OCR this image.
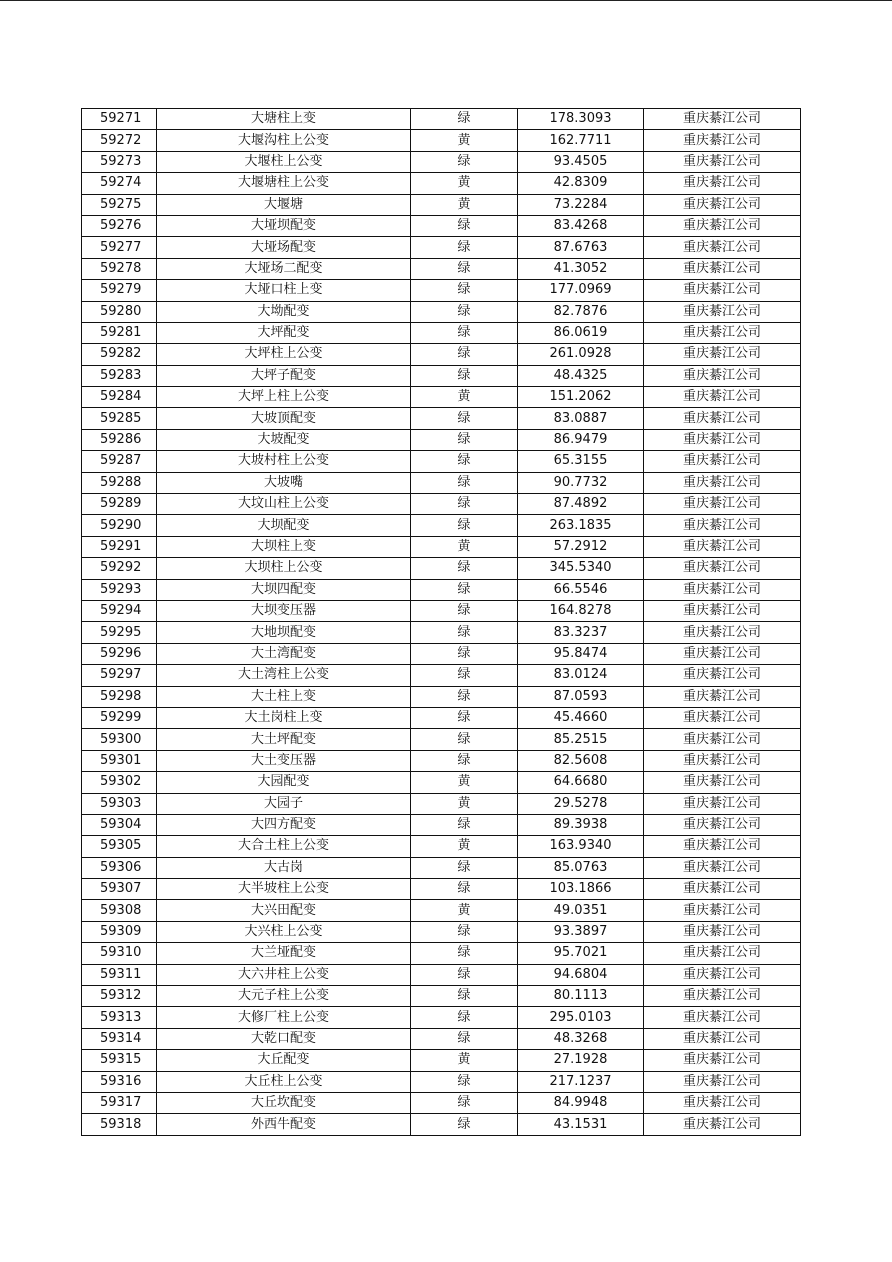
59271	大塘柱上变	绿	178.3093	重庆綦江公司
59272	大堰沟柱上公变	黄	162.7711	重庆綦江公司
59273	大堰柱上公变	绿	93.4505	重庆綦江公司
59274	大堰塘柱上公变	黄	42.8309	重庆綦江公司
59275	大堰塘	黄	73.2284	重庆綦江公司
59276	大垭坝配变	绿	83.4268	重庆綦江公司
59277	大垭场配变	绿	87.6763	重庆綦江公司
59278	大垭场二配变	绿	41.3052	重庆綦江公司
59279	大垭口柱上变	绿	177.0969	重庆綦江公司
59280	大坳配变	绿	82.7876	重庆綦江公司
59281	大坪配变	绿	86.0619	重庆綦江公司
59282	大坪柱上公变	绿	261.0928	重庆綦江公司
59283	大坪子配变	绿	48.4325	重庆綦江公司
59284	大坪上柱上公变	黄	151.2062	重庆綦江公司
59285	大坡顶配变	绿	83.0887	重庆綦江公司
59286	大坡配变	绿	86.9479	重庆綦江公司
59287	大坡村柱上公变	绿	65.3155	重庆綦江公司
59288	大坡嘴	绿	90.7732	重庆綦江公司
59289	大坟山柱上公变	绿	87.4892	重庆綦江公司
59290	大坝配变	绿	263.1835	重庆綦江公司
59291	大坝柱上变	黄	57.2912	重庆綦江公司
59292	大坝柱上公变	绿	345.5340	重庆綦江公司
59293	大坝四配变	绿	66.5546	重庆綦江公司
59294	大坝变压器	绿	164.8278	重庆綦江公司
59295	大地坝配变	绿	83.3237	重庆綦江公司
59296	大土湾配变	绿	95.8474	重庆綦江公司
59297	大土湾柱上公变	绿	83.0124	重庆綦江公司
59298	大土柱上变	绿	87.0593	重庆綦江公司
59299	大土岗柱上变	绿	45.4660	重庆綦江公司
59300	大土坪配变	绿	85.2515	重庆綦江公司
59301	大土变压器	绿	82.5608	重庆綦江公司
59302	大园配变	黄	64.6680	重庆綦江公司
59303	大园子	黄	29.5278	重庆綦江公司
59304	大四方配变	绿	89.3938	重庆綦江公司
59305	大合土柱上公变	黄	163.9340	重庆綦江公司
59306	大古岗	绿	85.0763	重庆綦江公司
59307	大半坡柱上公变	绿	103.1866	重庆綦江公司
59308	大兴田配变	黄	49.0351	重庆綦江公司
59309	大兴柱上公变	绿	93.3897	重庆綦江公司
59310	大兰垭配变	绿	95.7021	重庆綦江公司
59311	大六井柱上公变	绿	94.6804	重庆綦江公司
59312	大元子柱上公变	绿	80.1113	重庆綦江公司
59313	大修厂柱上公变	绿	295.0103	重庆綦江公司
59314	大乾口配变	绿	48.3268	重庆綦江公司
59315	大丘配变	黄	27.1928	重庆綦江公司
59316	大丘柱上公变	绿	217.1237	重庆綦江公司
59317	大丘坎配变	绿	84.9948	重庆綦江公司
59318	外西牛配变	绿	43.1531	重庆綦江公司
